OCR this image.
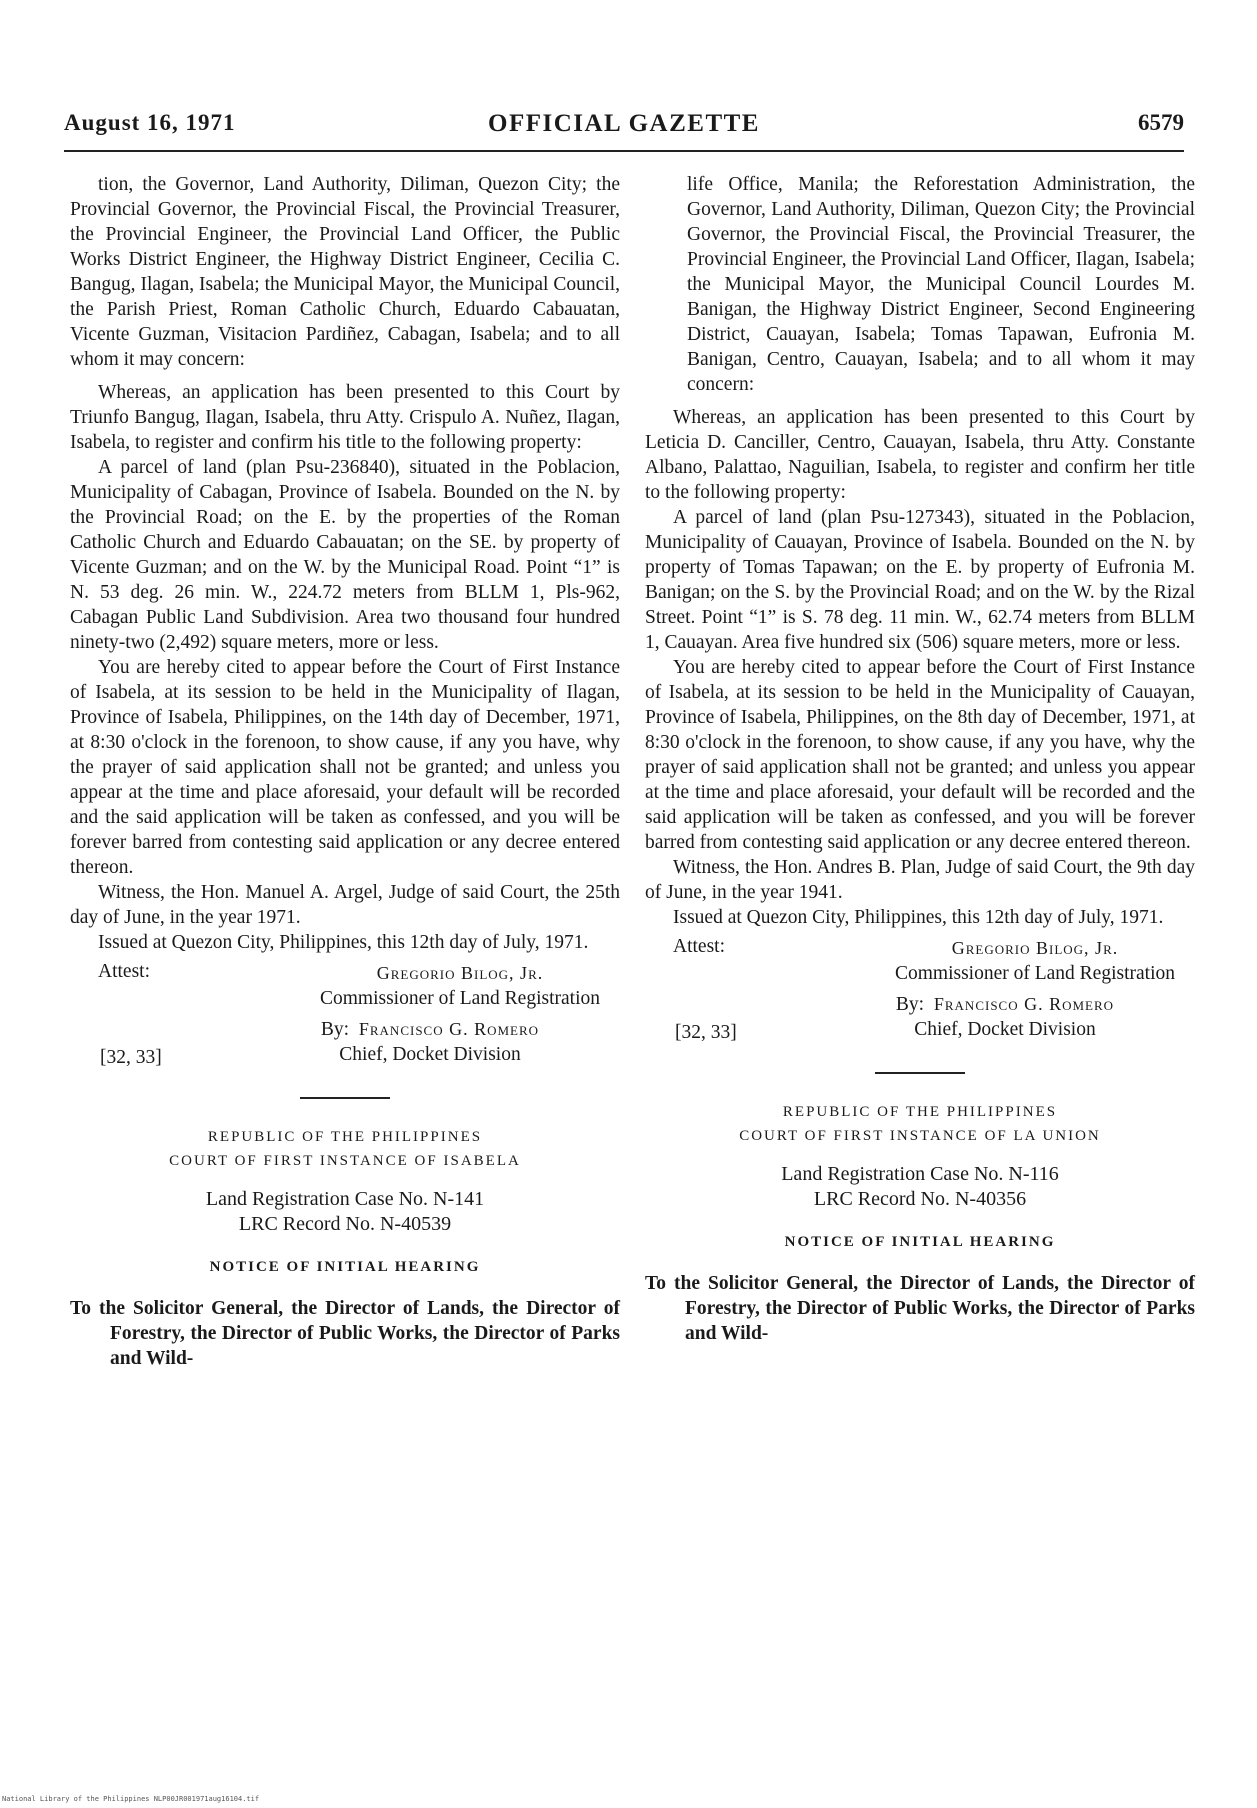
August 16, 1971	OFFICIAL GAZETTE	6579

tion, the Governor, Land Authority, Diliman, Quezon City; the Provincial Governor, the Provincial Fiscal, the Provincial Treasurer, the Provincial Engineer, the Provincial Land Officer, the Public Works District Engineer, the Highway District Engineer, Cecilia C. Bangug, Ilagan, Isabela; the Municipal Mayor, the Municipal Council, the Parish Priest, Roman Catholic Church, Eduardo Cabauatan, Vicente Guzman, Visitacion Pardiñez, Cabagan, Isabela; and to all whom it may concern:

Whereas, an application has been presented to this Court by Triunfo Bangug, Ilagan, Isabela, thru Atty. Crispulo A. Nuñez, Ilagan, Isabela, to register and confirm his title to the following property:

A parcel of land (plan Psu-236840), situated in the Poblacion, Municipality of Cabagan, Province of Isabela. Bounded on the N. by the Provincial Road; on the E. by the properties of the Roman Catholic Church and Eduardo Cabauatan; on the SE. by property of Vicente Guzman; and on the W. by the Municipal Road. Point “1” is N. 53 deg. 26 min. W., 224.72 meters from BLLM 1, Pls-962, Cabagan Public Land Subdivision. Area two thousand four hundred ninety-two (2,492) square meters, more or less.

You are hereby cited to appear before the Court of First Instance of Isabela, at its session to be held in the Municipality of Ilagan, Province of Isabela, Philippines, on the 14th day of December, 1971, at 8:30 o'clock in the forenoon, to show cause, if any you have, why the prayer of said application shall not be granted; and unless you appear at the time and place aforesaid, your default will be recorded and the said application will be taken as confessed, and you will be forever barred from contesting said application or any decree entered thereon.

Witness, the Hon. Manuel A. Argel, Judge of said Court, the 25th day of June, in the year 1971.

Issued at Quezon City, Philippines, this 12th day of July, 1971.

Attest:	Gregorio Bilog, Jr.
Commissioner of Land Registration
By: Francisco G. Romero
Chief, Docket Division
[32, 33]
REPUBLIC OF THE PHILIPPINES
COURT OF FIRST INSTANCE OF ISABELA
Land Registration Case No. N-141
LRC Record No. N-40539
NOTICE OF INITIAL HEARING

To the Solicitor General, the Director of Lands, the Director of Forestry, the Director of Public Works, the Director of Parks and Wild-

life Office, Manila; the Reforestation Administration, the Governor, Land Authority, Diliman, Quezon City; the Provincial Governor, the Provincial Fiscal, the Provincial Treasurer, the Provincial Engineer, the Provincial Land Officer, Ilagan, Isabela; the Municipal Mayor, the Municipal Council Lourdes M. Banigan, the Highway District Engineer, Second Engineering District, Cauayan, Isabela; Tomas Tapawan, Eufronia M. Banigan, Centro, Cauayan, Isabela; and to all whom it may concern:

Whereas, an application has been presented to this Court by Leticia D. Canciller, Centro, Cauayan, Isabela, thru Atty. Constante Albano, Palattao, Naguilian, Isabela, to register and confirm her title to the following property:

A parcel of land (plan Psu-127343), situated in the Poblacion, Municipality of Cauayan, Province of Isabela. Bounded on the N. by property of Tomas Tapawan; on the E. by property of Eufronia M. Banigan; on the S. by the Provincial Road; and on the W. by the Rizal Street. Point “1” is S. 78 deg. 11 min. W., 62.74 meters from BLLM 1, Cauayan. Area five hundred six (506) square meters, more or less.

You are hereby cited to appear before the Court of First Instance of Isabela, at its session to be held in the Municipality of Cauayan, Province of Isabela, Philippines, on the 8th day of December, 1971, at 8:30 o'clock in the forenoon, to show cause, if any you have, why the prayer of said application shall not be granted; and unless you appear at the time and place aforesaid, your default will be recorded and the said application will be taken as confessed, and you will be forever barred from contesting said application or any decree entered thereon.

Witness, the Hon. Andres B. Plan, Judge of said Court, the 9th day of June, in the year 1941.

Issued at Quezon City, Philippines, this 12th day of July, 1971.

Attest:	Gregorio Bilog, Jr.
Commissioner of Land Registration
By: Francisco G. Romero
Chief, Docket Division
[32, 33]
REPUBLIC OF THE PHILIPPINES
COURT OF FIRST INSTANCE OF LA UNION
Land Registration Case No. N-116
LRC Record No. N-40356
NOTICE OF INITIAL HEARING

To the Solicitor General, the Director of Lands, the Director of Forestry, the Director of Public Works, the Director of Parks and Wild-

National Library of the Philippines NLP00JR001971aug16104.tif
